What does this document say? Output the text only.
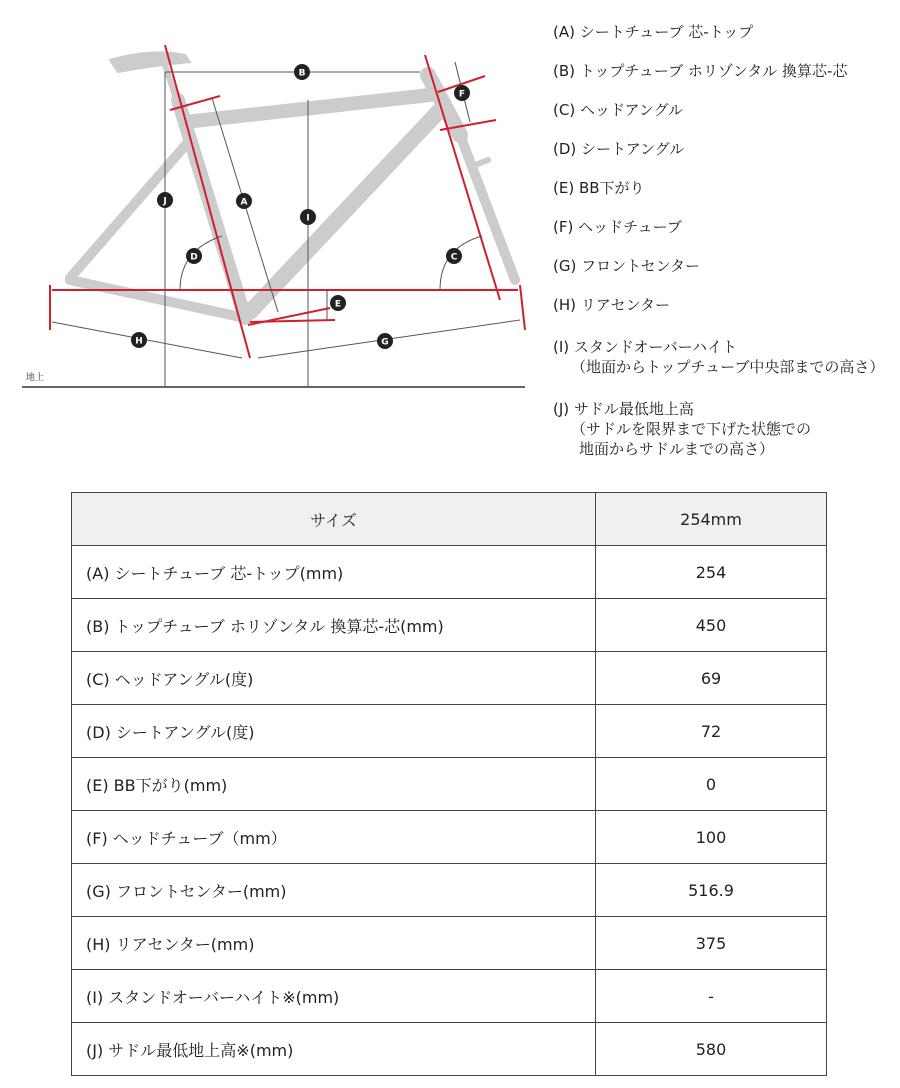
地上
A
B
C
D
E
F
G
H
I
J
(A) シートチューブ 芯-トップ
(B) トップチューブ ホリゾンタル 換算芯-芯
(C) ヘッドアングル
(D) シートアングル
(E) BB下がり
(F) ヘッドチューブ
(G) フロントセンター
(H) リアセンター
(I) スタンドオーバーハイト
（地面からトップチューブ中央部までの高さ）
(J) サドル最低地上高
（サドルを限界まで下げた状態での
地面からサドルまでの高さ）
サイズ	254mm
(A) シートチューブ 芯-トップ(mm)	254
(B) トップチューブ ホリゾンタル 換算芯-芯(mm)	450
(C) ヘッドアングル(度)	69
(D) シートアングル(度)	72
(E) BB下がり(mm)	0
(F) ヘッドチューブ（mm）	100
(G) フロントセンター(mm)	516.9
(H) リアセンター(mm)	375
(I) スタンドオーバーハイト※(mm)	-
(J) サドル最低地上高※(mm)	580
